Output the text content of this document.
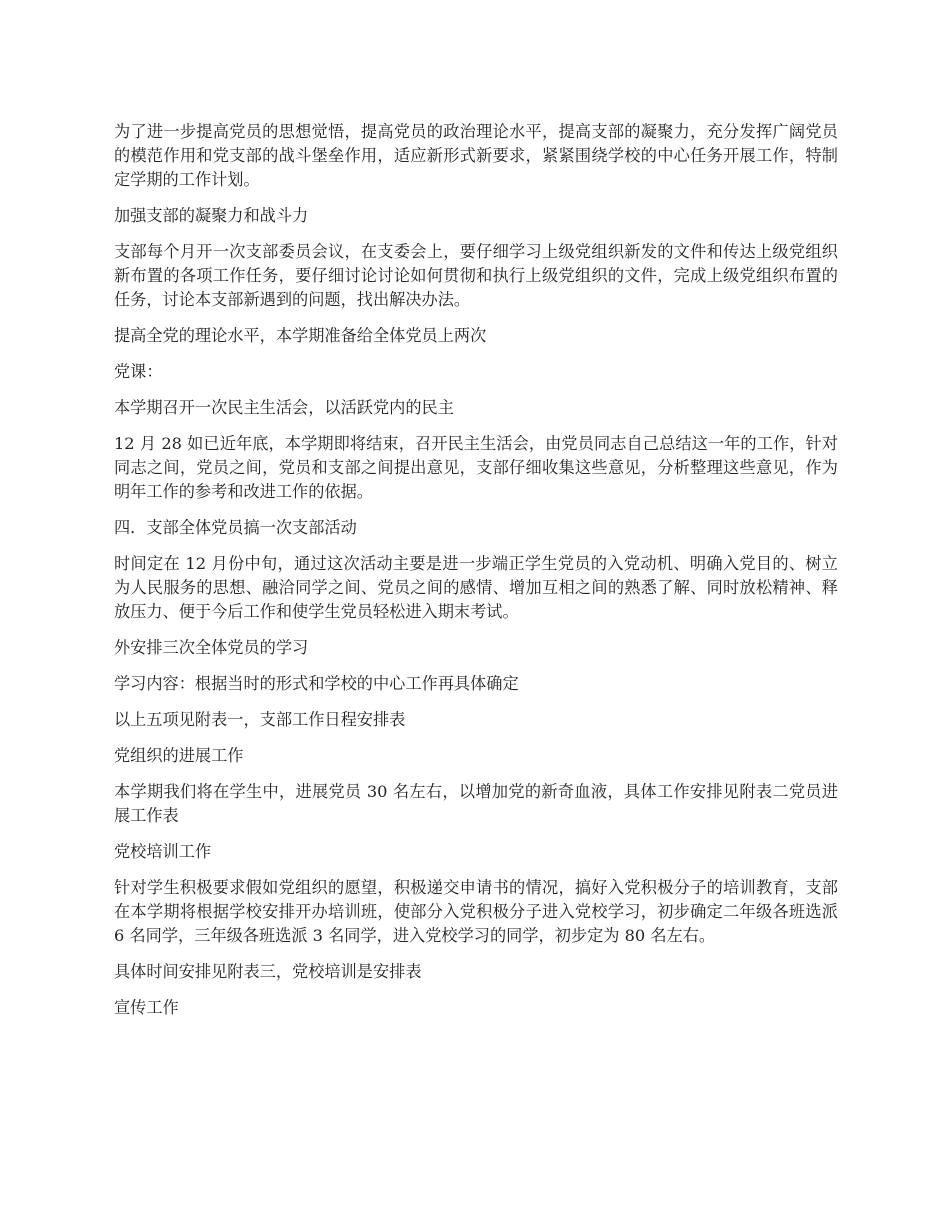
为了进一步提高党员的思想觉悟，提高党员的政治理论水平，提高支部的凝聚力，充分发挥广阔党员的模范作用和党支部的战斗堡垒作用，适应新形式新要求，紧紧围绕学校的中心任务开展工作，特制定学期的工作计划。

加强支部的凝聚力和战斗力

支部每个月开一次支部委员会议，在支委会上，要仔细学习上级党组织新发的文件和传达上级党组织新布置的各项工作任务，要仔细讨论讨论如何贯彻和执行上级党组织的文件，完成上级党组织布置的任务，讨论本支部新遇到的问题，找出解决办法。

提高全党的理论水平，本学期准备给全体党员上两次

党课：

本学期召开一次民主生活会，以活跃党内的民主

12 月 28 如已近年底，本学期即将结束，召开民主生活会，由党员同志自己总结这一年的工作，针对同志之间，党员之间，党员和支部之间提出意见，支部仔细收集这些意见，分析整理这些意见，作为明年工作的参考和改进工作的依据。

四．支部全体党员搞一次支部活动

时间定在 12 月份中旬，通过这次活动主要是进一步端正学生党员的入党动机、明确入党目的、树立为人民服务的思想、融洽同学之间、党员之间的感情、增加互相之间的熟悉了解、同时放松精神、释放压力、便于今后工作和使学生党员轻松进入期末考试。

外安排三次全体党员的学习

学习内容：根据当时的形式和学校的中心工作再具体确定

以上五项见附表一，支部工作日程安排表

党组织的进展工作

本学期我们将在学生中，进展党员 30 名左右，以增加党的新奇血液，具体工作安排见附表二党员进展工作表

党校培训工作

针对学生积极要求假如党组织的愿望，积极递交申请书的情况，搞好入党积极分子的培训教育，支部在本学期将根据学校安排开办培训班，使部分入党积极分子进入党校学习，初步确定二年级各班选派 6 名同学，三年级各班选派 3 名同学，进入党校学习的同学，初步定为 80 名左右。

具体时间安排见附表三，党校培训是安排表

宣传工作
